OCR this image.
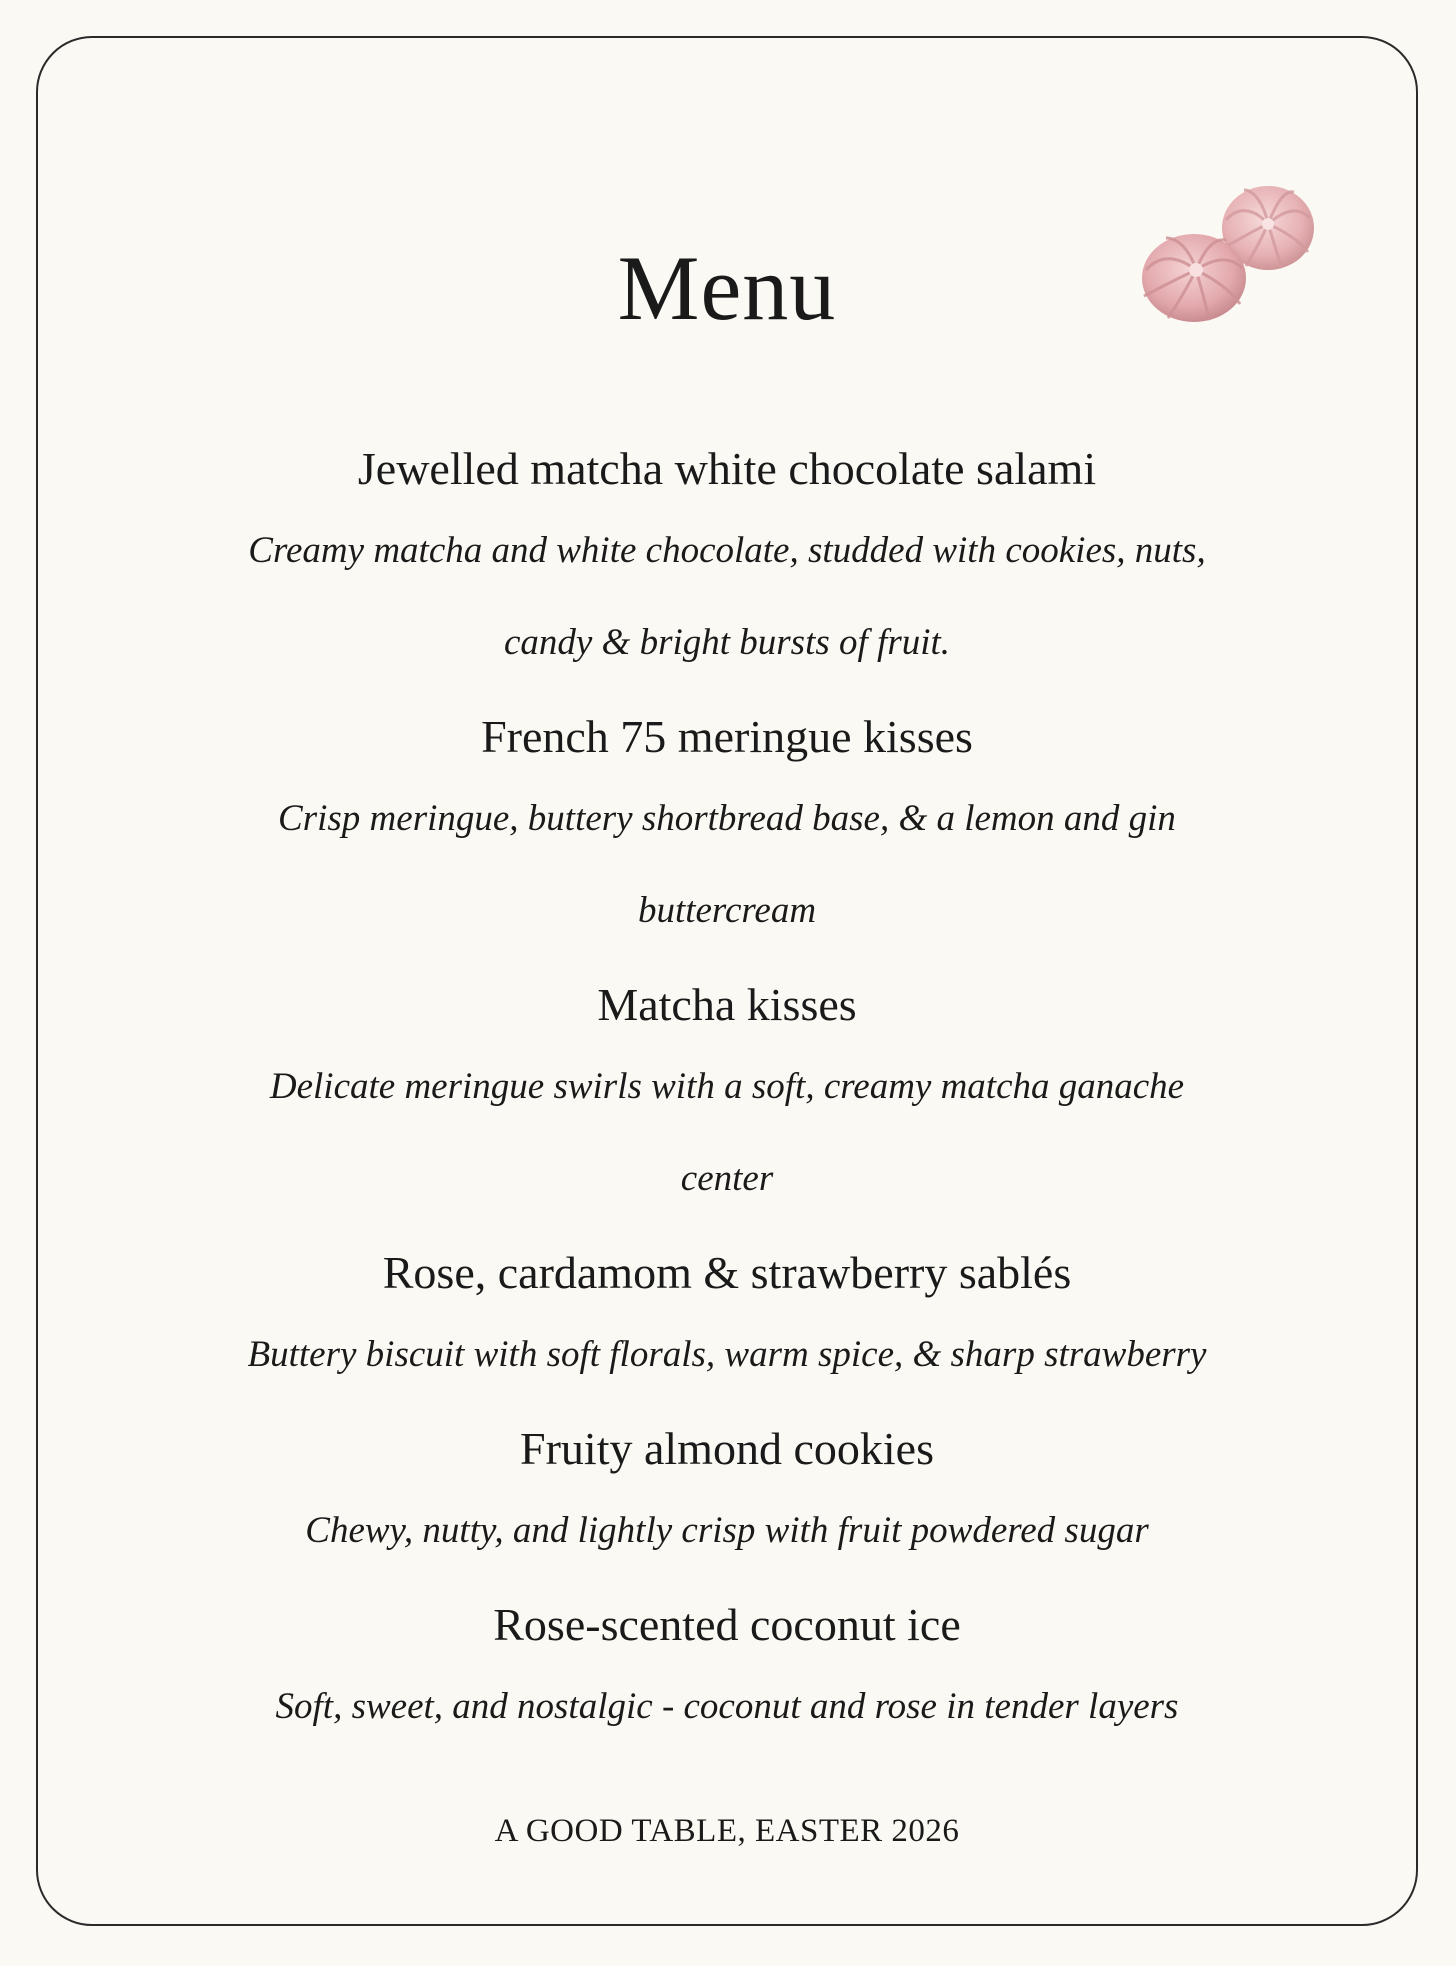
Menu

Jewelled matcha white chocolate salami

Creamy matcha and white chocolate, studded with cookies, nuts, candy & bright bursts of fruit.

French 75 meringue kisses

Crisp meringue, buttery shortbread base, & a lemon and gin buttercream

Matcha kisses

Delicate meringue swirls with a soft, creamy matcha ganache center

Rose, cardamom & strawberry sablés

Buttery biscuit with soft florals, warm spice, & sharp strawberry

Fruity almond cookies

Chewy, nutty, and lightly crisp with fruit powdered sugar

Rose-scented coconut ice

Soft, sweet, and nostalgic - coconut and rose in tender layers

A GOOD TABLE, EASTER 2026
